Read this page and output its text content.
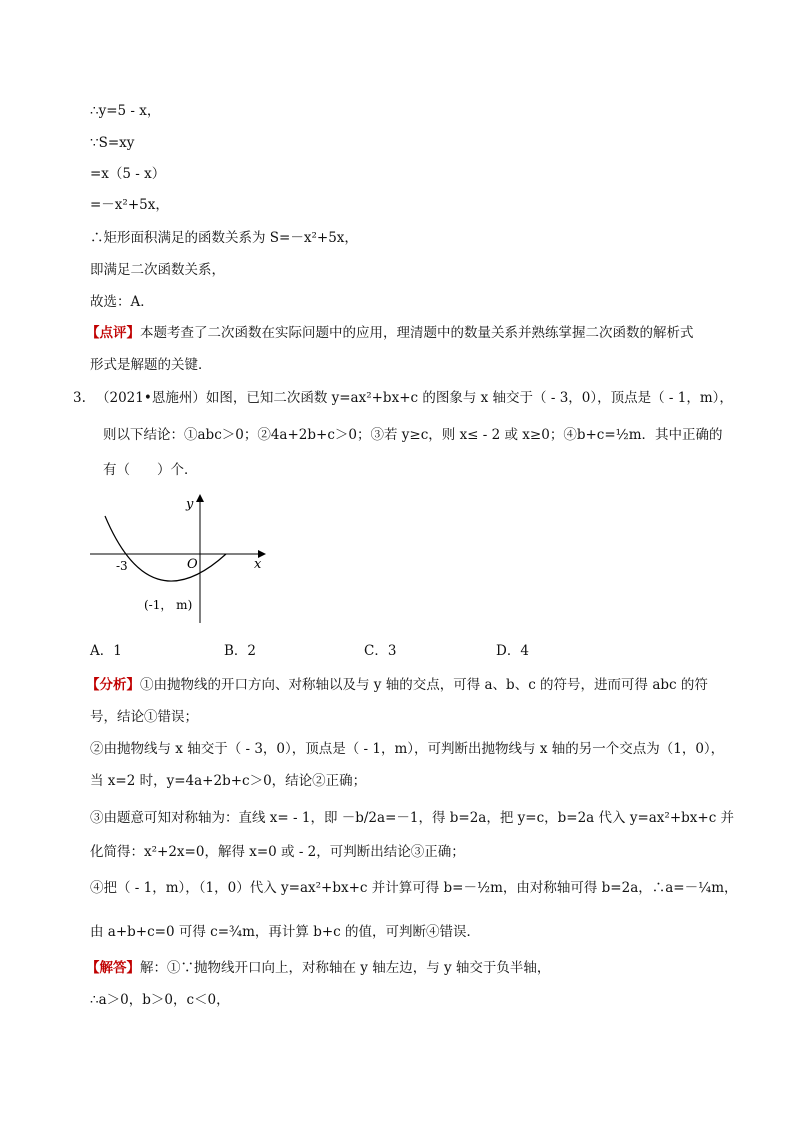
∴y=5 - x，
∵S=xy
=x（5 - x）
=－x²+5x，
∴矩形面积满足的函数关系为 S=－x²+5x，
即满足二次函数关系，
故选：A．
【点评】本题考查了二次函数在实际问题中的应用，理清题中的数量关系并熟练掌握二次函数的解析式
形式是解题的关键．
3. （2021•恩施州）如图，已知二次函数 y=ax²+bx+c 的图象与 x 轴交于（ - 3，0），顶点是（ - 1，m），
则以下结论：①abc＞0；②4a+2b+c＞0；③若 y≥c，则 x≤ - 2 或 x≥0；④b+c=½m．其中正确的
有（　　）个．
y
x
O
-3
(-1， m)
A．1	B．2	C．3	D．4
【分析】①由抛物线的开口方向、对称轴以及与 y 轴的交点，可得 a、b、c 的符号，进而可得 abc 的符
号，结论①错误；
②由抛物线与 x 轴交于（ - 3，0），顶点是（ - 1，m），可判断出抛物线与 x 轴的另一个交点为（1，0），
当 x=2 时，y=4a+2b+c＞0，结论②正确；
③由题意可知对称轴为：直线 x= - 1，即 －b/2a=－1，得 b=2a，把 y=c，b=2a 代入 y=ax²+bx+c 并
化简得：x²+2x=0，解得 x=0 或 - 2，可判断出结论③正确；
④把（ - 1，m），（1，0）代入 y=ax²+bx+c 并计算可得 b=－½m，由对称轴可得 b=2a，∴a=－¼m，
由 a+b+c=0 可得 c=¾m，再计算 b+c 的值，可判断④错误．
【解答】解：①∵抛物线开口向上，对称轴在 y 轴左边，与 y 轴交于负半轴，
∴a＞0，b＞0，c＜0，
